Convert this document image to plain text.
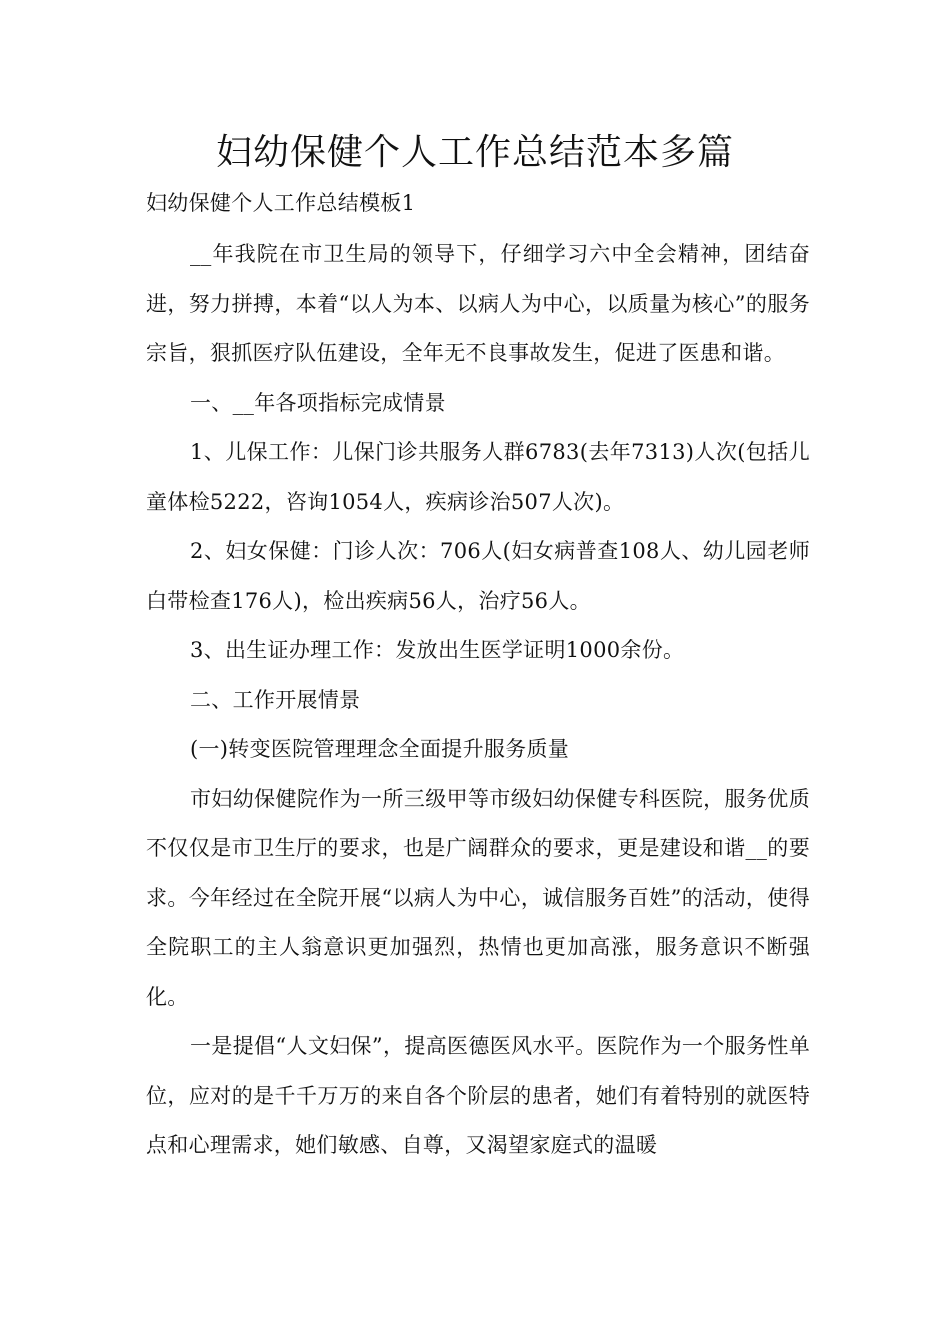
妇幼保健个人工作总结范本多篇

妇幼保健个人工作总结模板1

__年我院在市卫生局的领导下，仔细学习六中全会精神，团结奋进，努力拼搏，本着“以人为本、以病人为中心，以质量为核心”的服务宗旨，狠抓医疗队伍建设，全年无不良事故发生，促进了医患和谐。

一、__年各项指标完成情景

1、儿保工作：儿保门诊共服务人群6783(去年7313)人次(包括儿童体检5222，咨询1054人，疾病诊治507人次)。

2、妇女保健：门诊人次：706人(妇女病普查108人、幼儿园老师白带检查176人)，检出疾病56人，治疗56人。

3、出生证办理工作：发放出生医学证明1000余份。

二、工作开展情景

(一)转变医院管理理念全面提升服务质量

市妇幼保健院作为一所三级甲等市级妇幼保健专科医院，服务优质不仅仅是市卫生厅的要求，也是广阔群众的要求，更是建设和谐__的要求。今年经过在全院开展“以病人为中心，诚信服务百姓”的活动，使得全院职工的主人翁意识更加强烈，热情也更加高涨，服务意识不断强化。

一是提倡“人文妇保”，提高医德医风水平。医院作为一个服务性单位，应对的是千千万万的来自各个阶层的患者，她们有着特别的就医特点和心理需求，她们敏感、自尊，又渴望家庭式的温暖
